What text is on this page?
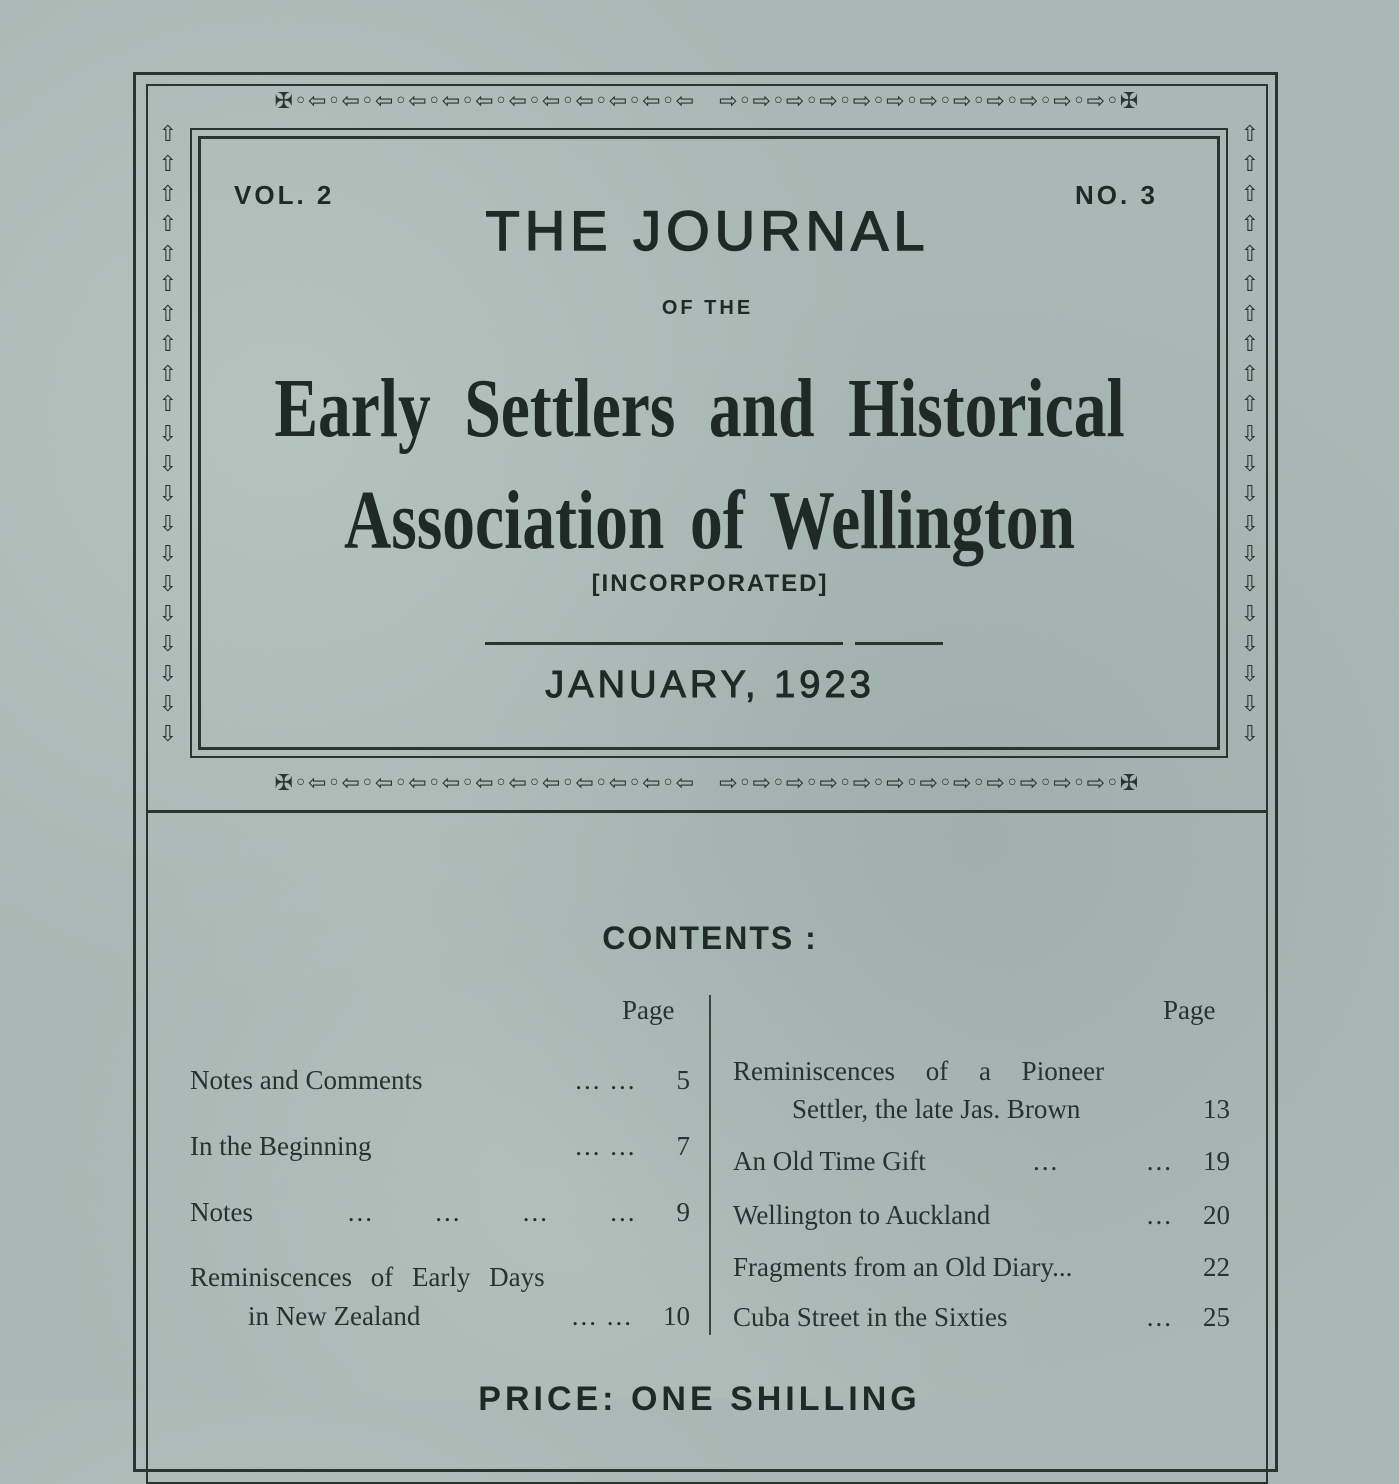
✠◦⇦◦⇦◦⇦◦⇦◦⇦◦⇦◦⇦◦⇦◦⇦◦⇦◦⇦◦⇦   ⇨◦⇨◦⇨◦⇨◦⇨◦⇨◦⇨◦⇨◦⇨◦⇨◦⇨◦⇨◦✠
✠◦⇦◦⇦◦⇦◦⇦◦⇦◦⇦◦⇦◦⇦◦⇦◦⇦◦⇦◦⇦   ⇨◦⇨◦⇨◦⇨◦⇨◦⇨◦⇨◦⇨◦⇨◦⇨◦⇨◦⇨◦✠
⇧⇧⇧⇧⇧⇧⇧⇧⇧⇧ ⇩⇩⇩⇩⇩⇩⇩⇩⇩⇩⇩
⇧⇧⇧⇧⇧⇧⇧⇧⇧⇧ ⇩⇩⇩⇩⇩⇩⇩⇩⇩⇩⇩
VOL. 2	NO. 3
THE JOURNAL
OF THE
Early Settlers and Historical
Association of Wellington
[INCORPORATED]
JANUARY, 1923
CONTENTS :
Page	Page
Notes and Comments	... ... 5
In the Beginning	... ... 7
Notes	...       ...       ...       ... 9
Reminiscences of Early Days
in New Zealand	... ... 10
Reminiscences of a Pioneer
Settler, the late Jas. Brown	13
An Old Time Gift	...          ... 19
Wellington to Auckland	... 20
Fragments from an Old Diary...	22
Cuba Street in the Sixties	... 25
PRICE: ONE SHILLING
